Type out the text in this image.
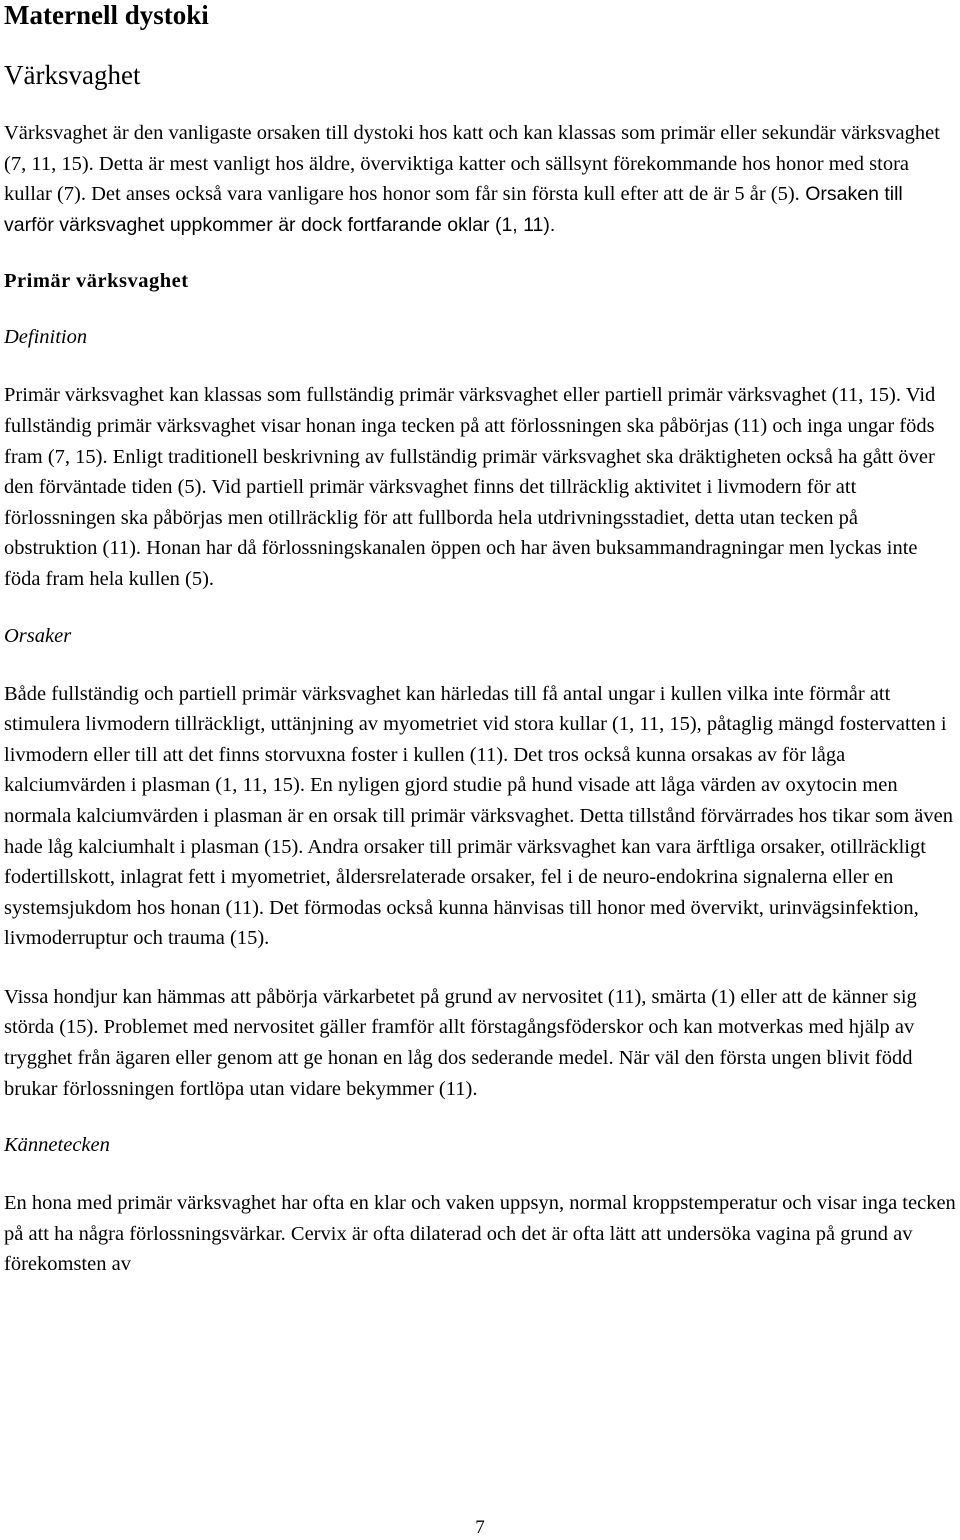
Maternell dystoki
Värksvaghet

Värksvaghet är den vanligaste orsaken till dystoki hos katt och kan klassas som primär eller sekundär värksvaghet (7, 11, 15). Detta är mest vanligt hos äldre, överviktiga katter och sällsynt förekommande hos honor med stora kullar (7). Det anses också vara vanligare hos honor som får sin första kull efter att de är 5 år (5). Orsaken till varför värksvaghet uppkommer är dock fortfarande oklar (1, 11).

Primär värksvaghet
Definition

Primär värksvaghet kan klassas som fullständig primär värksvaghet eller partiell primär värksvaghet (11, 15). Vid fullständig primär värksvaghet visar honan inga tecken på att förlossningen ska påbörjas (11) och inga ungar föds fram (7, 15). Enligt traditionell beskrivning av fullständig primär värksvaghet ska dräktigheten också ha gått över den förväntade tiden (5). Vid partiell primär värksvaghet finns det tillräcklig aktivitet i livmodern för att förlossningen ska påbörjas men otillräcklig för att fullborda hela utdrivningsstadiet, detta utan tecken på obstruktion (11). Honan har då förlossningskanalen öppen och har även buksammandragningar men lyckas inte föda fram hela kullen (5).

Orsaker

Både fullständig och partiell primär värksvaghet kan härledas till få antal ungar i kullen vilka inte förmår att stimulera livmodern tillräckligt, uttänjning av myometriet vid stora kullar (1, 11, 15), påtaglig mängd fostervatten i livmodern eller till att det finns storvuxna foster i kullen (11). Det tros också kunna orsakas av för låga kalciumvärden i plasman (1, 11, 15). En nyligen gjord studie på hund visade att låga värden av oxytocin men normala kalciumvärden i plasman är en orsak till primär värksvaghet. Detta tillstånd förvärrades hos tikar som även hade låg kalciumhalt i plasman (15). Andra orsaker till primär värksvaghet kan vara ärftliga orsaker, otillräckligt fodertillskott, inlagrat fett i myometriet, åldersrelaterade orsaker, fel i de neuro-endokrina signalerna eller en systemsjukdom hos honan (11). Det förmodas också kunna hänvisas till honor med övervikt, urinvägsinfektion, livmoderruptur och trauma (15).

Vissa hondjur kan hämmas att påbörja värkarbetet på grund av nervositet (11), smärta (1) eller att de känner sig störda (15). Problemet med nervositet gäller framför allt förstagångsföderskor och kan motverkas med hjälp av trygghet från ägaren eller genom att ge honan en låg dos sederande medel. När väl den första ungen blivit född brukar förlossningen fortlöpa utan vidare bekymmer (11).

Kännetecken

En hona med primär värksvaghet har ofta en klar och vaken uppsyn, normal kroppstemperatur och visar inga tecken på att ha några förlossningsvärkar. Cervix är ofta dilaterad och det är ofta lätt att undersöka vagina på grund av förekomsten av

7
